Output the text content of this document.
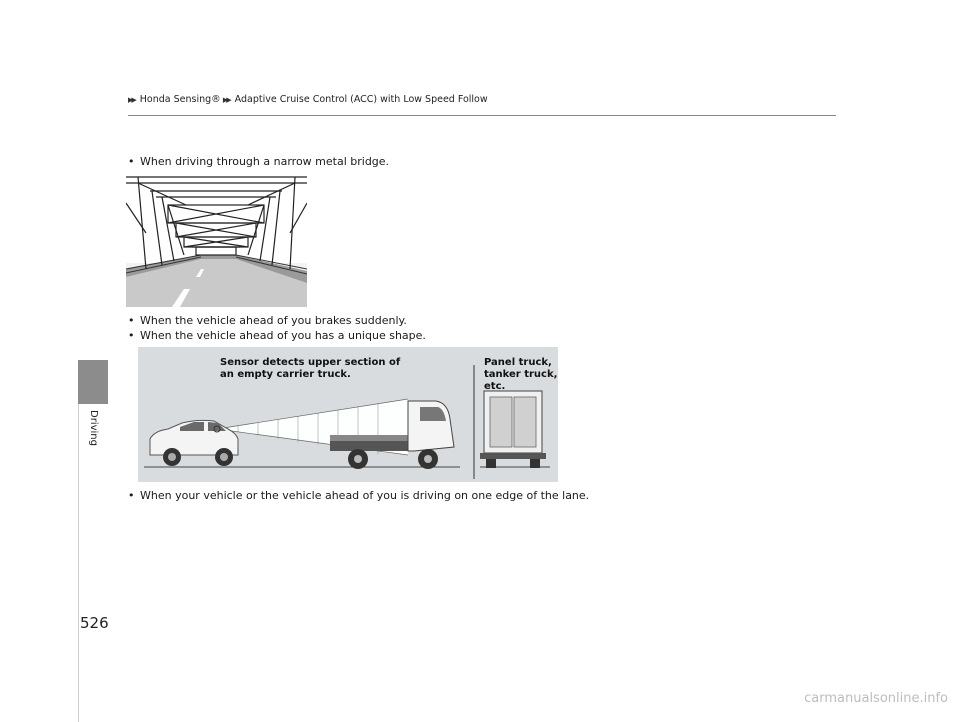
Driving
▶▶ Honda Sensing® ▶▶ Adaptive Cruise Control (ACC) with Low Speed Follow
• When driving through a narrow metal bridge.
• When the vehicle ahead of you brakes suddenly.
• When the vehicle ahead of you has a unique shape.
Sensor detects upper section of
an empty carrier truck.
Panel truck,
tanker truck,
etc.
• When your vehicle or the vehicle ahead of you is driving on one edge of the lane.
526
carmanualsonline.info
